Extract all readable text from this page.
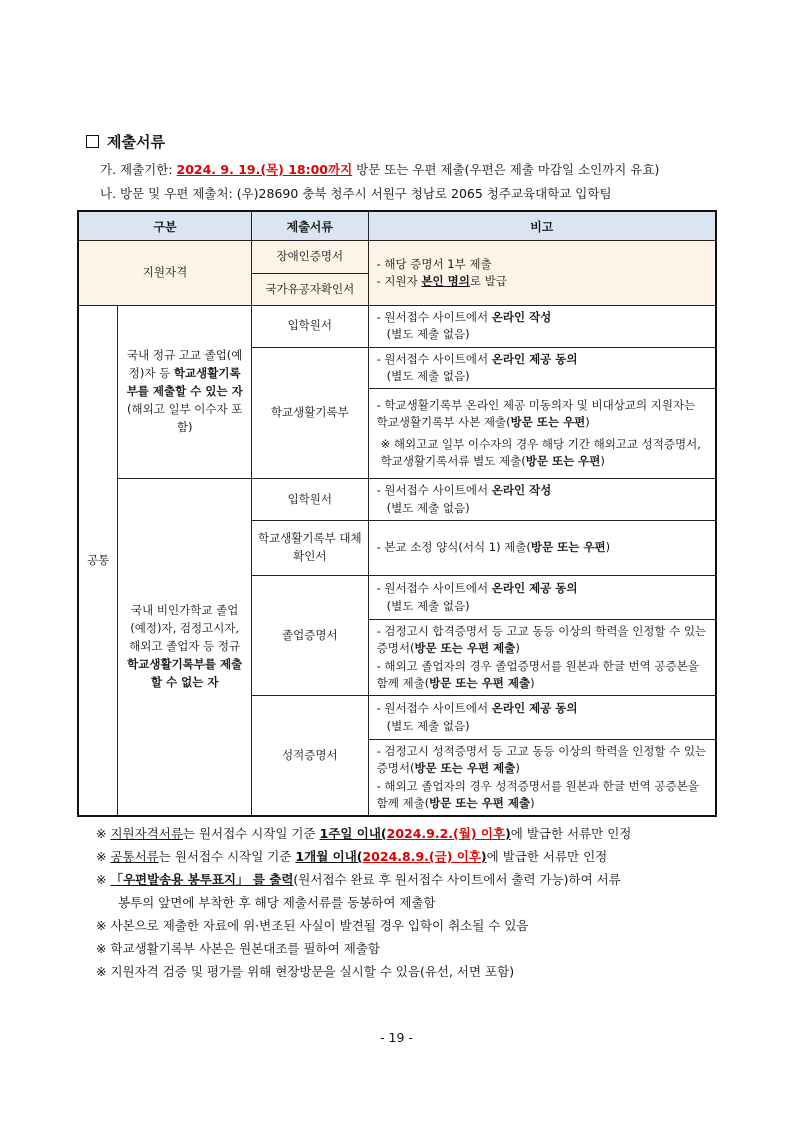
제출서류
가. 제출기한: 2024. 9. 19.(목) 18:00까지 방문 또는 우편 제출(우편은 제출 마감일 소인까지 유효)
나. 방문 및 우편 제출처: (우)28690 충북 청주시 서원구 청남로 2065 청주교육대학교 입학팀
구분		제출서류	비고
지원자격		장애인증명서	- 해당 증명서 1부 제출
- 지원자 본인 명의로 발급

		국가유공자확인서	
공통	국내 정규 고교 졸업(예정)자 등 학교생활기록부를 제출할 수 있는 자(해외고 일부 이수자 포함)	입학원서	- 원서접수 사이트에서 온라인 작성
(별도 제출 없음)

		학교생활기록부	- 원서접수 사이트에서 온라인 제공 동의
(별도 제출 없음)

			- 학교생활기록부 온라인 제공 미동의자 및 비대상교의 지원자는 학교생활기록부 사본 제출(방문 또는 우편)
※ 해외고교 일부 이수자의 경우 해당 기간 해외고교 성적증명서, 학교생활기록서류 별도 제출(방문 또는 우편)

	국내 비인가학교 졸업(예정)자, 검정고시자, 해외고 졸업자 등 정규학교생활기록부를 제출할 수 없는 자	입학원서	- 원서접수 사이트에서 온라인 작성
(별도 제출 없음)

		학교생활기록부 대체 확인서	- 본교 소정 양식(서식 1) 제출(방문 또는 우편)

		졸업증명서	- 원서접수 사이트에서 온라인 제공 동의
(별도 제출 없음)

			- 검정고시 합격증명서 등 고교 동등 이상의 학력을 인정할 수 있는 증명서(방문 또는 우편 제출)
- 해외고 졸업자의 경우 졸업증명서를 원본과 한글 번역 공증본을 함께 제출(방문 또는 우편 제출)

		성적증명서	- 원서접수 사이트에서 온라인 제공 동의
(별도 제출 없음)

			- 검정고시 성적증명서 등 고교 동등 이상의 학력을 인정할 수 있는 증명서(방문 또는 우편 제출)
- 해외고 졸업자의 경우 성적증명서를 원본과 한글 번역 공증본을 함께 제출(방문 또는 우편 제출)
※ 지원자격서류는 원서접수 시작일 기준 1주일 이내(2024.9.2.(월) 이후)에 발급한 서류만 인정
※ 공통서류는 원서접수 시작일 기준 1개월 이내(2024.8.9.(금) 이후)에 발급한 서류만 인정
※ 「우편발송용 봉투표지」 를 출력(원서접수 완료 후 원서접수 사이트에서 출력 가능)하여 서류
봉투의 앞면에 부착한 후 해당 제출서류를 동봉하여 제출함
※ 사본으로 제출한 자료에 위·변조된 사실이 발견될 경우 입학이 취소될 수 있음
※ 학교생활기록부 사본은 원본대조를 필하여 제출함
※ 지원자격 검증 및 평가를 위해 현장방문을 실시할 수 있음(유선, 서면 포함)
- 19 -
